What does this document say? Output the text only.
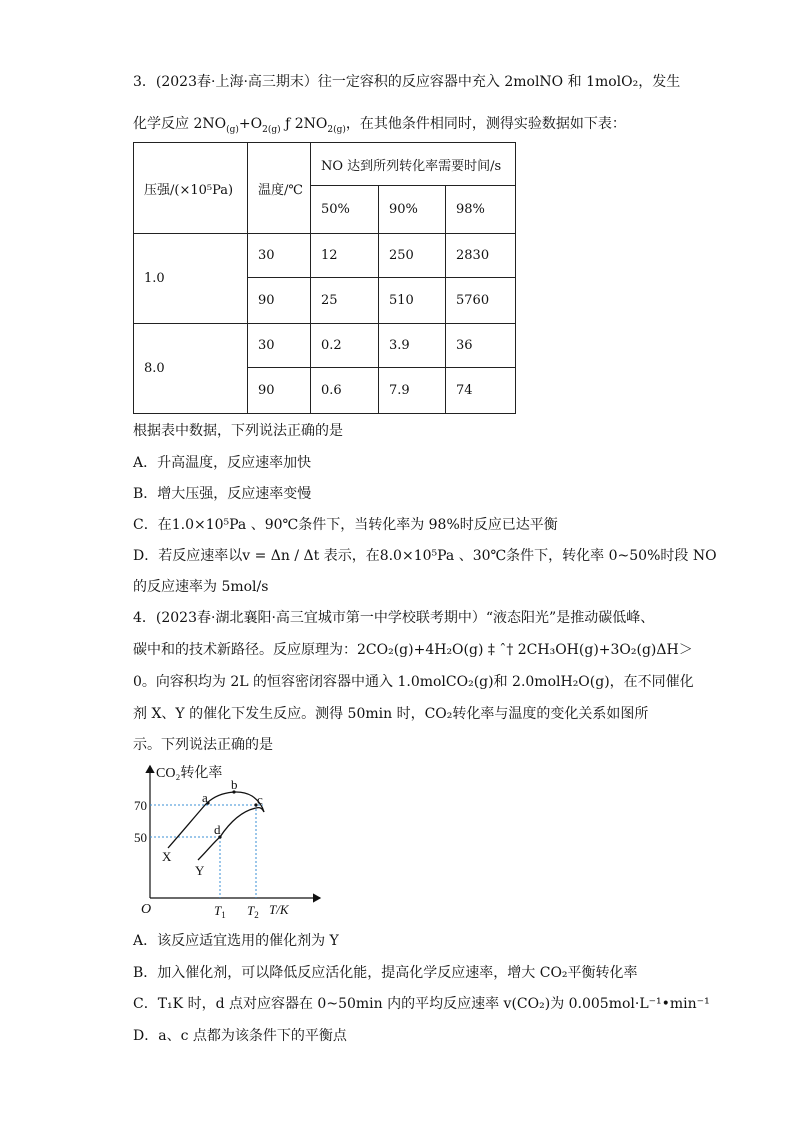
3．(2023春·上海·高三期末）往一定容积的反应容器中充入 2molNO 和 1molO₂，发生
化学反应 $2NO_{(g)}+O_{2(g)}$ ƒ $2NO_{2(g)}$，在其他条件相同时，测得实验数据如下表：
压强/(×10⁵Pa)	温度/℃	NO 达到所列转化率需要时间/s		
		50%	90%	98%
1.0	30	12	250	2830
	90	25	510	5760
8.0	30	0.2	3.9	36
	90	0.6	7.9	74
根据表中数据，下列说法正确的是
A．升高温度，反应速率加快
B．增大压强，反应速率变慢
C．在1.0×10⁵Pa 、90℃条件下，当转化率为 98%时反应已达平衡
D．若反应速率以v = Δn / Δt 表示，在8.0×10⁵Pa 、30℃条件下，转化率 0~50%时段 NO
的反应速率为 5mol/s
4．(2023春·湖北襄阳·高三宜城市第一中学校联考期中）“液态阳光”是推动碳低峰、
碳中和的技术新路径。反应原理为：2CO₂(g)+4H₂O(g) ‡ ˆ† 2CH₃OH(g)+3O₂(g)ΔH＞
0。向容积均为 2L 的恒容密闭容器中通入 1.0molCO₂(g)和 2.0molH₂O(g)，在不同催化
剂 X、Y 的催化下发生反应。测得 50min 时，CO₂转化率与温度的变化关系如图所
示。下列说法正确的是
CO₂转化率
70
50
O	$T_1$ $T_2$ T/K
a
b
c
d
X
Y
A．该反应适宜选用的催化剂为 Y
B．加入催化剂，可以降低反应活化能，提高化学反应速率，增大 CO₂平衡转化率
C．T₁K 时，d 点对应容器在 0~50min 内的平均反应速率 v(CO₂)为 0.005mol·L⁻¹•min⁻¹
D．a、c 点都为该条件下的平衡点
